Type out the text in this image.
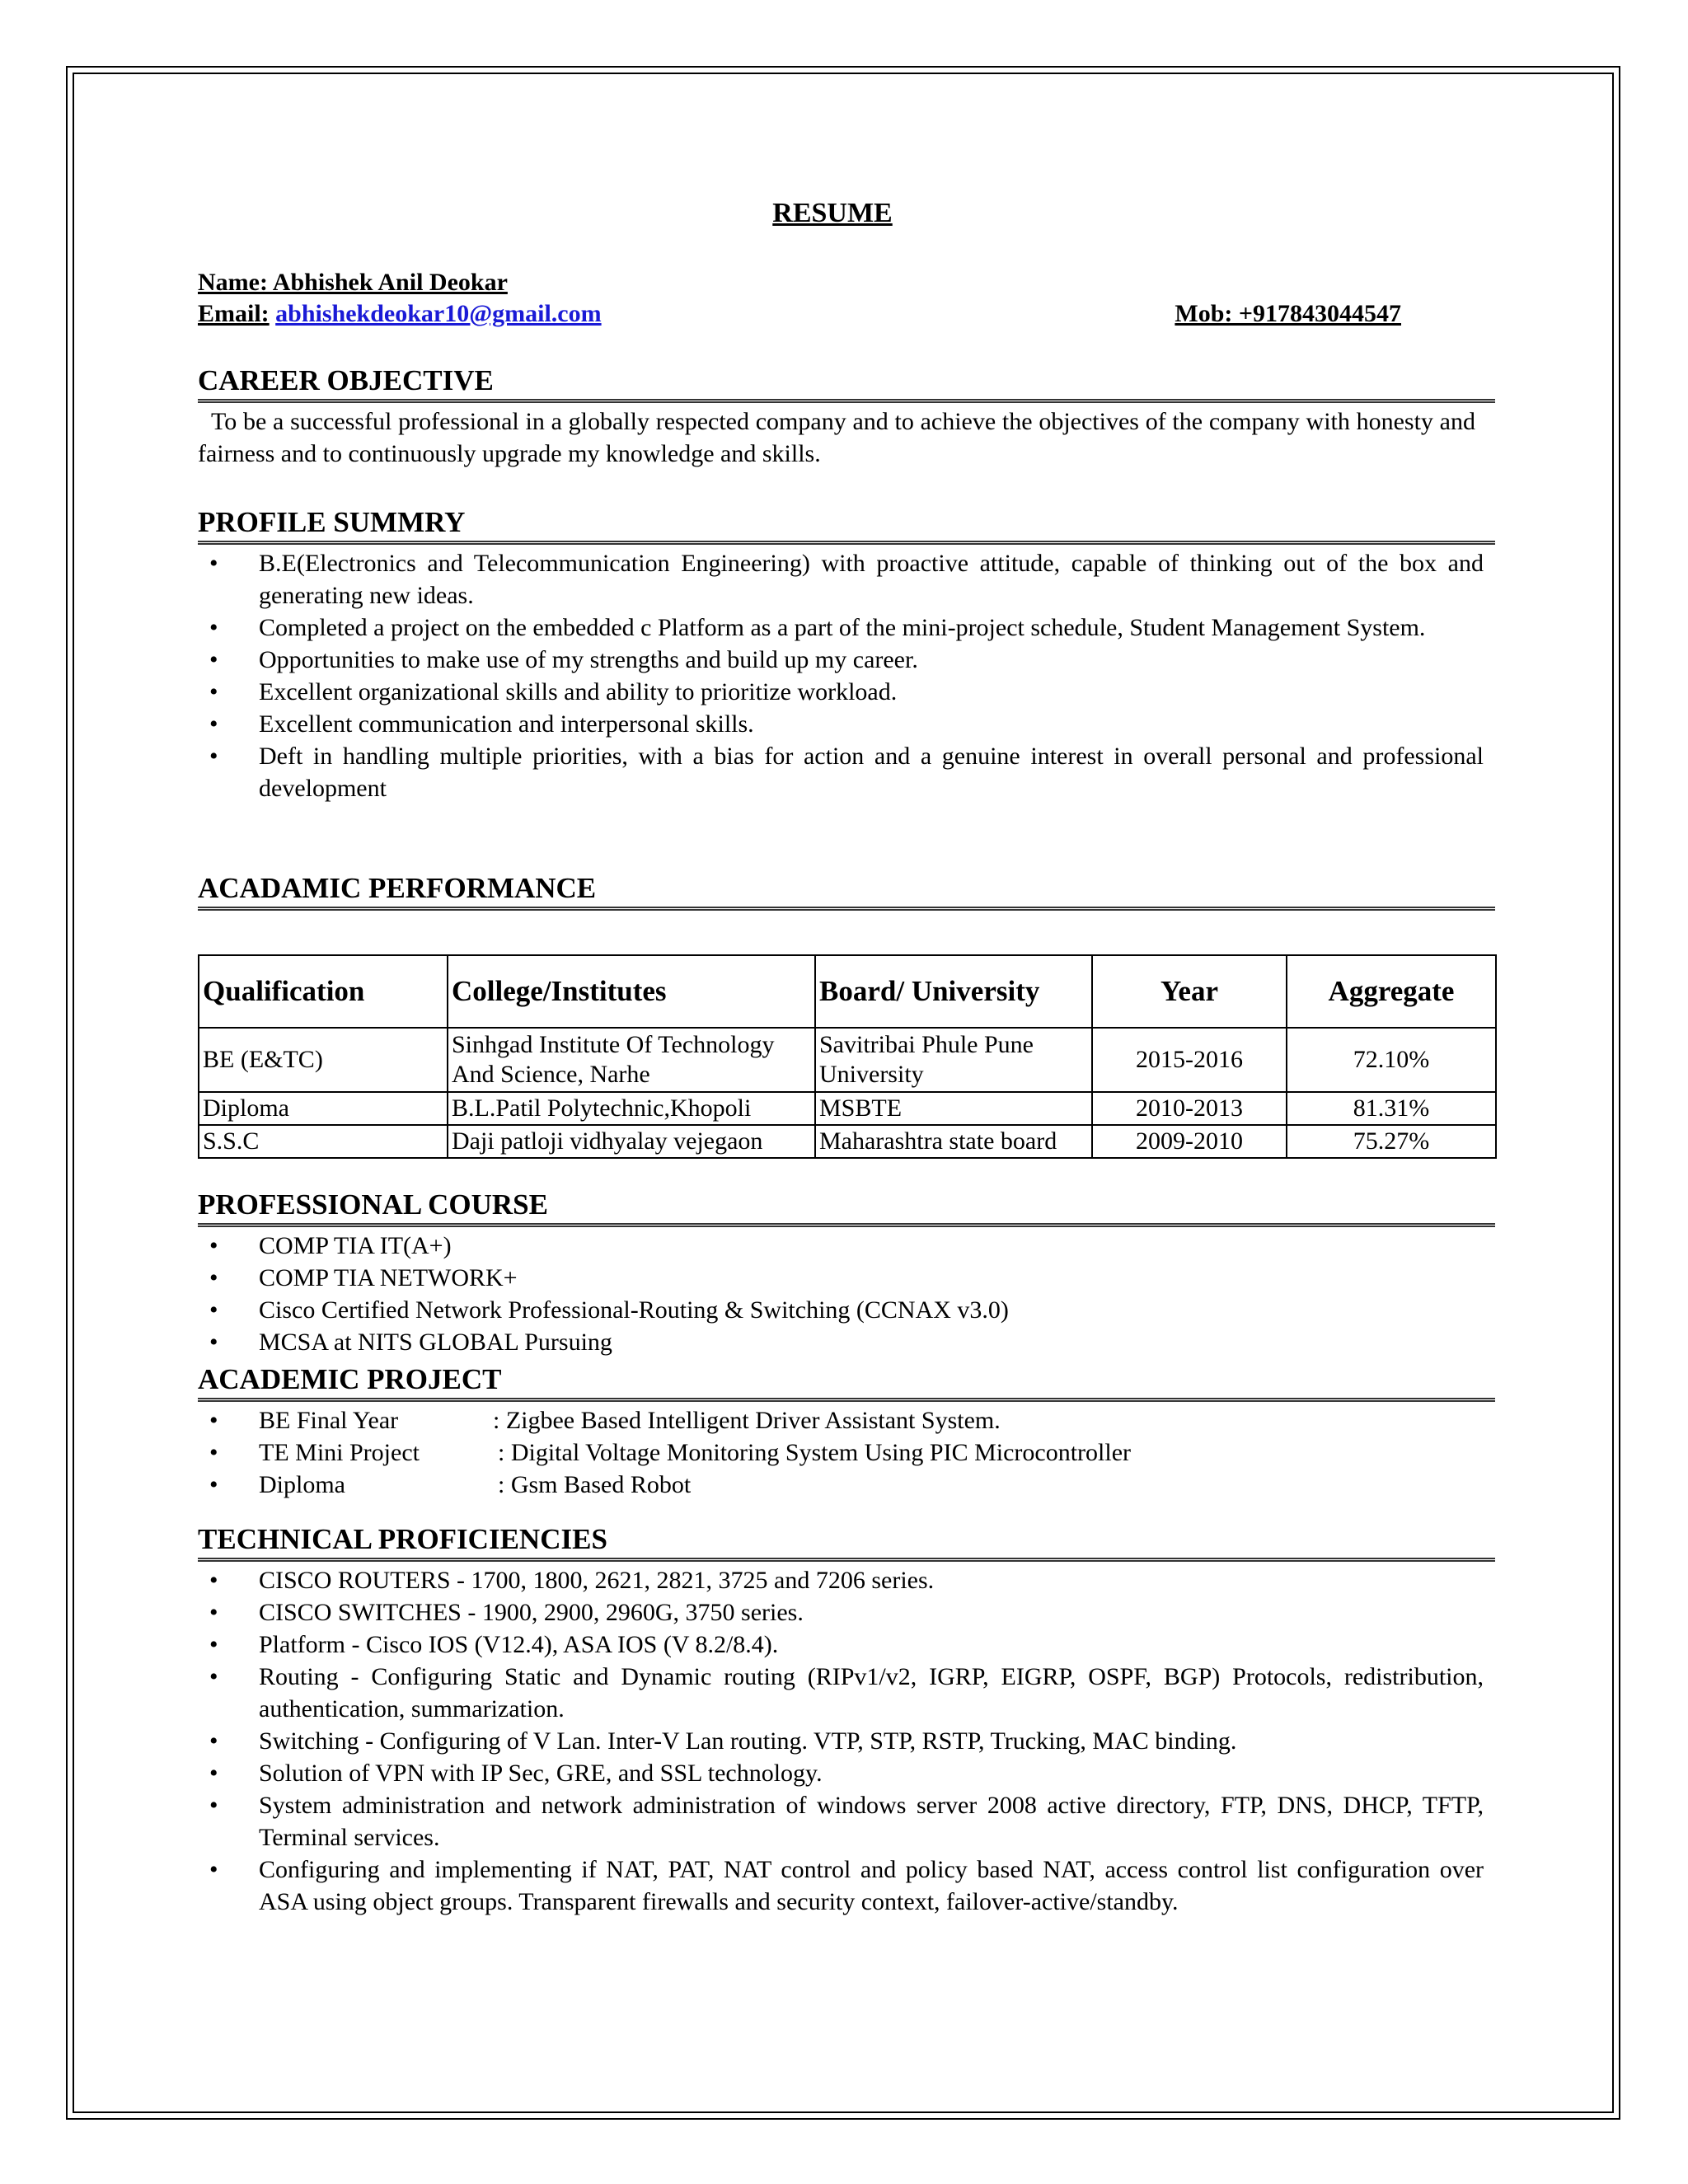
RESUME
Name: Abhishek Anil Deokar
Email: abhishekdeokar10@gmail.com	Mob: +917843044547
CAREER OBJECTIVE
To be a successful professional in a globally respected company and to achieve the objectives of the company with honesty and fairness and to continuously upgrade my knowledge and skills.
PROFILE SUMMRY
• B.E(Electronics and Telecommunication Engineering) with proactive attitude, capable of thinking out of the box and generating new ideas.
• Completed a project on the embedded c Platform as a part of the mini-project schedule, Student Management System.
• Opportunities to make use of my strengths and build up my career.
• Excellent organizational skills and ability to prioritize workload.
• Excellent communication and interpersonal skills.
• Deft in handling multiple priorities, with a bias for action and a genuine interest in overall personal and professional development
ACADAMIC PERFORMANCE
Qualification	College/Institutes	Board/ University	Year	Aggregate
BE (E&TC)	Sinhgad Institute Of Technology And Science, Narhe	Savitribai Phule Pune University	2015-2016	72.10%
Diploma	B.L.Patil Polytechnic,Khopoli	MSBTE	2010-2013	81.31%
S.S.C	Daji patloji vidhyalay vejegaon	Maharashtra state board	2009-2010	75.27%
PROFESSIONAL COURSE
• COMP TIA IT(A+)
• COMP TIA NETWORK+
• Cisco Certified Network Professional-Routing & Switching (CCNAX v3.0)
• MCSA at NITS GLOBAL Pursuing
ACADEMIC PROJECT
• BE Final Year	: Zigbee Based Intelligent Driver Assistant System.
• TE Mini Project	: Digital Voltage Monitoring System Using PIC Microcontroller
• Diploma	: Gsm Based Robot
TECHNICAL PROFICIENCIES
• CISCO ROUTERS - 1700, 1800, 2621, 2821, 3725 and 7206 series.
• CISCO SWITCHES - 1900, 2900, 2960G, 3750 series.
• Platform - Cisco IOS (V12.4), ASA IOS (V 8.2/8.4).
• Routing - Configuring Static and Dynamic routing (RIPv1/v2, IGRP, EIGRP, OSPF, BGP) Protocols, redistribution, authentication, summarization.
• Switching - Configuring of V Lan. Inter-V Lan routing. VTP, STP, RSTP, Trucking, MAC binding.
• Solution of VPN with IP Sec, GRE, and SSL technology.
• System administration and network administration of windows server 2008 active directory, FTP, DNS, DHCP, TFTP, Terminal services.
• Configuring and implementing if NAT, PAT, NAT control and policy based NAT, access control list configuration over ASA using object groups. Transparent firewalls and security context, failover-active/standby.
